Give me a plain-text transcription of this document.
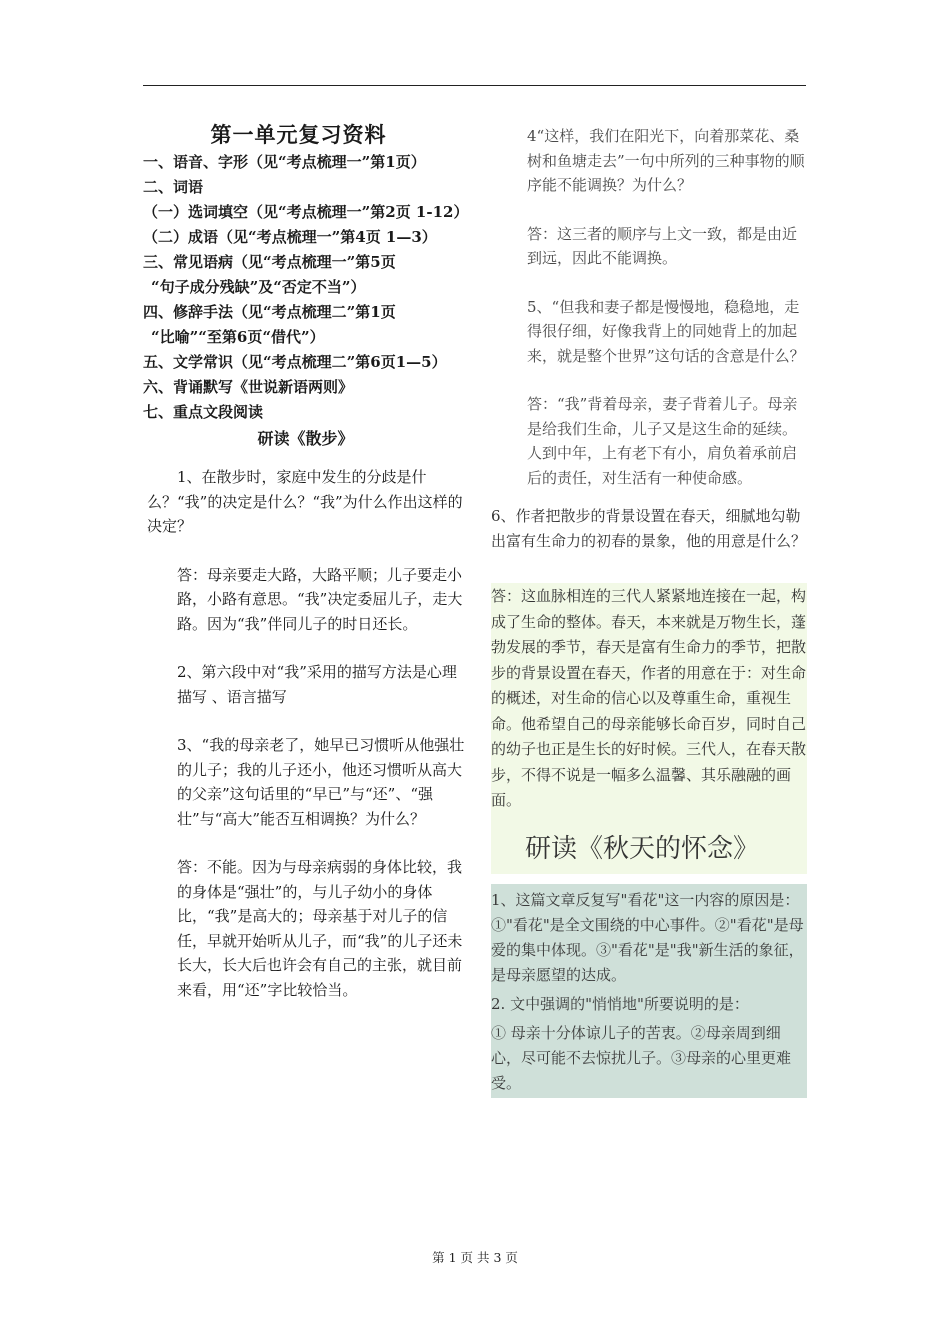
第一单元复习资料
一、语音、字形（见“考点梳理一”第1页）
二、词语
（一）选词填空（见“考点梳理一”第2页 1-12）
（二）成语（见“考点梳理一”第4页 1—3）
三、常见语病（见“考点梳理一”第5页
“句子成分残缺”及“否定不当”）
四、修辞手法（见“考点梳理二”第1页
“比喻”“至第6页“借代”）
五、文学常识（见“考点梳理二”第6页1—5）
六、背诵默写《世说新语两则》
七、重点文段阅读
研读《散步》

1、在散步时，家庭中发生的分歧是什么？“我”的决定是什么？“我”为什么作出这样的决定？

答：母亲要走大路，大路平顺；儿子要走小路，小路有意思。“我”决定委屈儿子，走大路。因为“我”伴同儿子的时日还长。

2、第六段中对“我”采用的描写方法是心理描写 、语言描写

3、“我的母亲老了，她早已习惯听从他强壮的儿子；我的儿子还小，他还习惯听从高大的父亲”这句话里的“早已”与“还”、“强壮”与“高大”能否互相调换？为什么？

答：不能。因为与母亲病弱的身体比较，我的身体是“强壮”的，与儿子幼小的身体比，“我”是高大的；母亲基于对儿子的信任，早就开始听从儿子，而“我”的儿子还未长大，长大后也许会有自己的主张，就目前来看，用“还”字比较恰当。

4“这样，我们在阳光下，向着那菜花、桑树和鱼塘走去”一句中所列的三种事物的顺序能不能调换？为什么？

答：这三者的顺序与上文一致，都是由近到远，因此不能调换。

5、“但我和妻子都是慢慢地，稳稳地，走得很仔细，好像我背上的同她背上的加起来，就是整个世界”这句话的含意是什么？

答：“我”背着母亲，妻子背着儿子。母亲是给我们生命，儿子又是这生命的延续。人到中年，上有老下有小，肩负着承前启后的责任，对生活有一种使命感。

6、作者把散步的背景设置在春天，细腻地勾勒出富有生命力的初春的景象，他的用意是什么？

答：这血脉相连的三代人紧紧地连接在一起，构成了生命的整体。春天，本来就是万物生长，蓬勃发展的季节，春天是富有生命力的季节，把散步的背景设置在春天，作者的用意在于：对生命的概述，对生命的信心以及尊重生命，重视生命。他希望自己的母亲能够长命百岁，同时自己的幼子也正是生长的好时候。三代人，在春天散步，不得不说是一幅多么温馨、其乐融融的画面。

研读《秋天的怀念》

1、这篇文章反复写"看花"这一内容的原因是：①"看花"是全文围绕的中心事件。②"看花"是母爱的集中体现。③"看花"是"我"新生活的象征，是母亲愿望的达成。

2. 文中强调的"悄悄地"所要说明的是：

① 母亲十分体谅儿子的苦衷。②母亲周到细心，尽可能不去惊扰儿子。③母亲的心里更难受。

第 1 页 共 3 页
